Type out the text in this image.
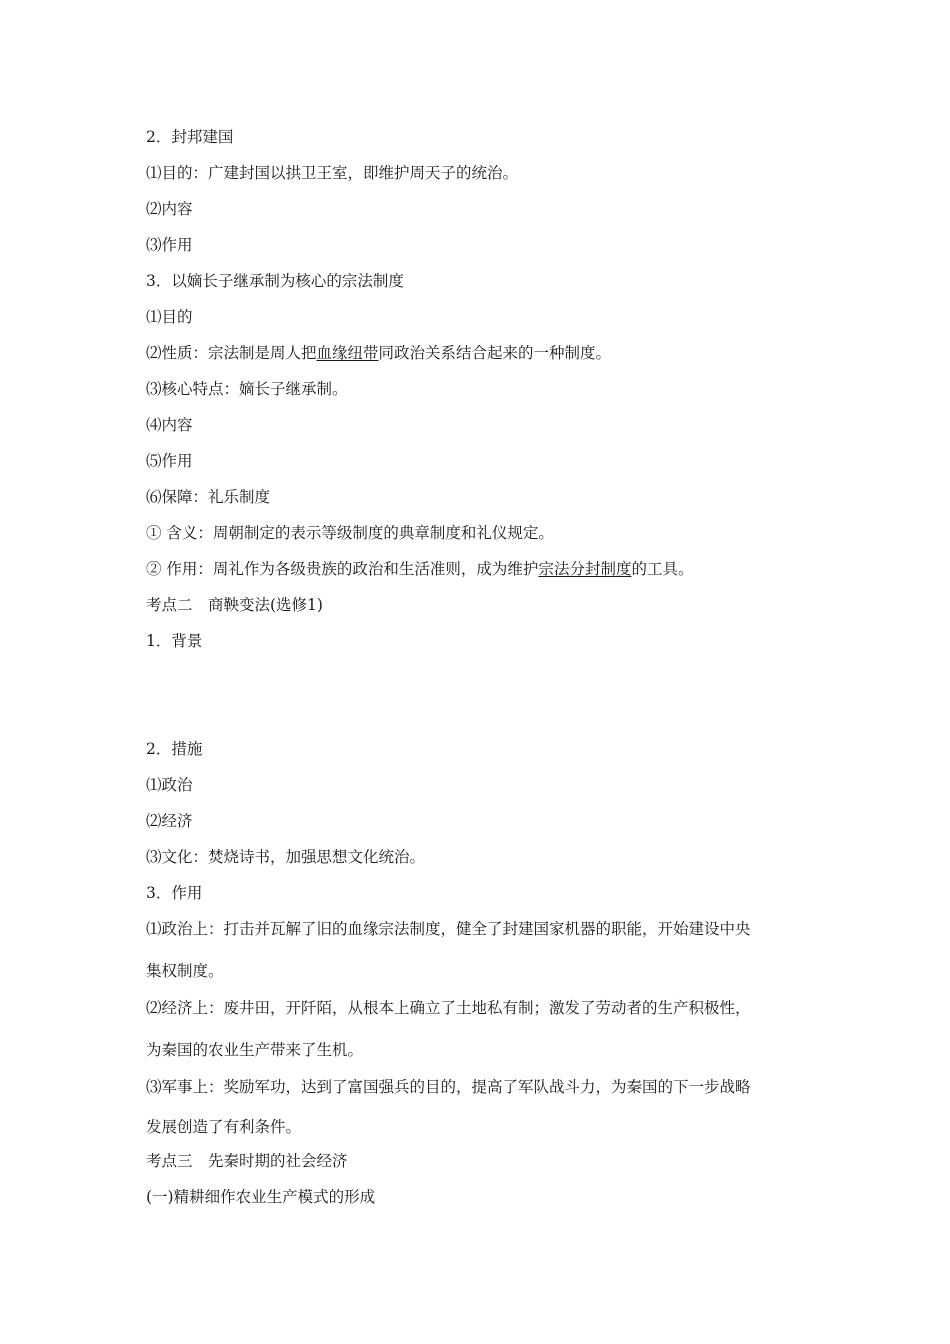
2．封邦建国
⑴目的：广建封国以拱卫王室，即维护周天子的统治。
⑵内容
⑶作用
3．以嫡长子继承制为核心的宗法制度
⑴目的
⑵性质：宗法制是周人把血缘纽带同政治关系结合起来的一种制度。
⑶核心特点：嫡长子继承制。
⑷内容
⑸作用
⑹保障：礼乐制度
① 含义：周朝制定的表示等级制度的典章制度和礼仪规定。
② 作用：周礼作为各级贵族的政治和生活准则，成为维护宗法分封制度的工具。
考点二　商鞅变法(选修1)
1．背景
2．措施
⑴政治
⑵经济
⑶文化：焚烧诗书，加强思想文化统治。
3．作用
⑴政治上：打击并瓦解了旧的血缘宗法制度，健全了封建国家机器的职能，开始建设中央
集权制度。
⑵经济上：废井田，开阡陌，从根本上确立了土地私有制；激发了劳动者的生产积极性，
为秦国的农业生产带来了生机。
⑶军事上：奖励军功，达到了富国强兵的目的，提高了军队战斗力，为秦国的下一步战略
发展创造了有利条件。
考点三　先秦时期的社会经济
(一)精耕细作农业生产模式的形成
